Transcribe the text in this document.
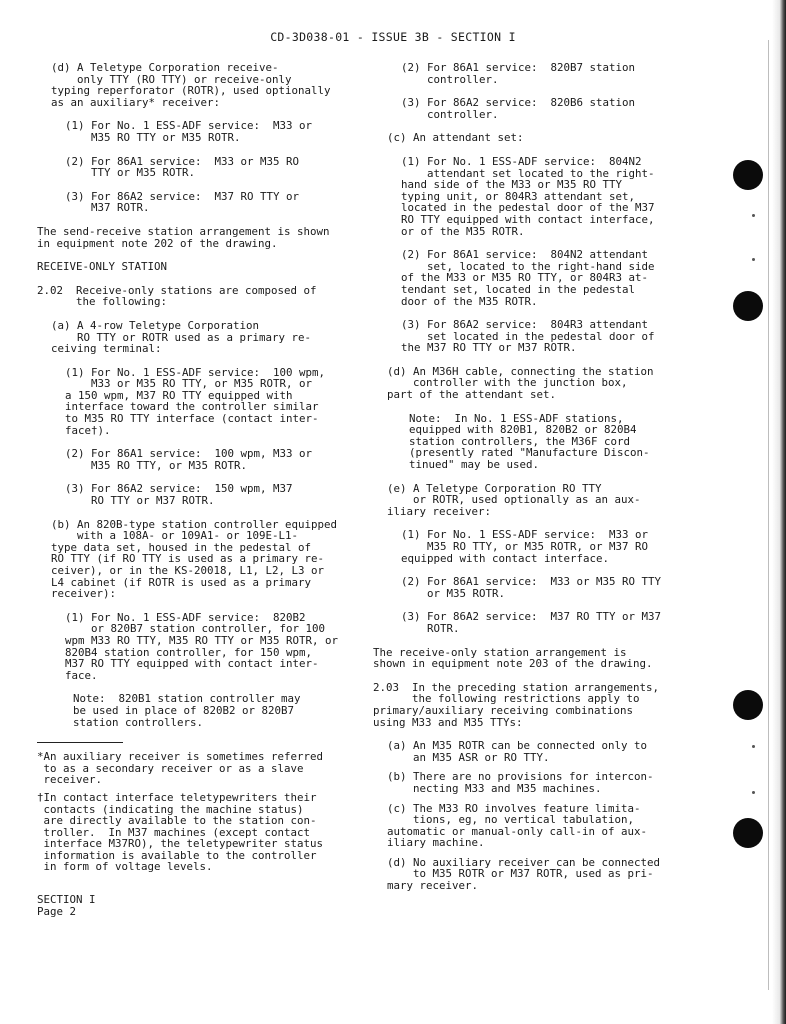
CD-3D038-01 - ISSUE 3B - SECTION I
(d) A Teletype Corporation receive-
only TTY (RO TTY) or receive-only
typing reperforator (ROTR), used optionally
as an auxiliary* receiver:
(1) For No. 1 ESS-ADF service:  M33 or
M35 RO TTY or M35 ROTR.
(2) For 86A1 service:  M33 or M35 RO
TTY or M35 ROTR.
(3) For 86A2 service:  M37 RO TTY or
M37 ROTR.
The send-receive station arrangement is shown
in equipment note 202 of the drawing.
RECEIVE-ONLY STATION
2.02  Receive-only stations are composed of
the following:
(a) A 4-row Teletype Corporation
RO TTY or ROTR used as a primary re-
ceiving terminal:
(1) For No. 1 ESS-ADF service:  100 wpm,
M33 or M35 RO TTY, or M35 ROTR, or
a 150 wpm, M37 RO TTY equipped with
interface toward the controller similar
to M35 RO TTY interface (contact inter-
face†).
(2) For 86A1 service:  100 wpm, M33 or
M35 RO TTY, or M35 ROTR.
(3) For 86A2 service:  150 wpm, M37
RO TTY or M37 ROTR.
(b) An 820B-type station controller equipped
with a 108A- or 109A1- or 109E-L1-
type data set, housed in the pedestal of
RO TTY (if RO TTY is used as a primary re-
ceiver), or in the KS-20018, L1, L2, L3 or
L4 cabinet (if ROTR is used as a primary
receiver):
(1) For No. 1 ESS-ADF service:  820B2
or 820B7 station controller, for 100
wpm M33 RO TTY, M35 RO TTY or M35 ROTR, or
820B4 station controller, for 150 wpm,
M37 RO TTY equipped with contact inter-
face.
Note:  820B1 station controller may
be used in place of 820B2 or 820B7
station controllers.
*An auxiliary receiver is sometimes referred
to as a secondary receiver or as a slave
receiver.
†In contact interface teletypewriters their
contacts (indicating the machine status)
are directly available to the station con-
troller.  In M37 machines (except contact
interface M37RO), the teletypewriter status
information is available to the controller
in form of voltage levels.
(2) For 86A1 service:  820B7 station
controller.
(3) For 86A2 service:  820B6 station
controller.
(c) An attendant set:
(1) For No. 1 ESS-ADF service:  804N2
attendant set located to the right-
hand side of the M33 or M35 RO TTY
typing unit, or 804R3 attendant set,
located in the pedestal door of the M37
RO TTY equipped with contact interface,
or of the M35 ROTR.
(2) For 86A1 service:  804N2 attendant
set, located to the right-hand side
of the M33 or M35 RO TTY, or 804R3 at-
tendant set, located in the pedestal
door of the M35 ROTR.
(3) For 86A2 service:  804R3 attendant
set located in the pedestal door of
the M37 RO TTY or M37 ROTR.
(d) An M36H cable, connecting the station
controller with the junction box,
part of the attendant set.
Note:  In No. 1 ESS-ADF stations,
equipped with 820B1, 820B2 or 820B4
station controllers, the M36F cord
(presently rated "Manufacture Discon-
tinued" may be used.
(e) A Teletype Corporation RO TTY
or ROTR, used optionally as an aux-
iliary receiver:
(1) For No. 1 ESS-ADF service:  M33 or
M35 RO TTY, or M35 ROTR, or M37 RO
equipped with contact interface.
(2) For 86A1 service:  M33 or M35 RO TTY
or M35 ROTR.
(3) For 86A2 service:  M37 RO TTY or M37
ROTR.
The receive-only station arrangement is
shown in equipment note 203 of the drawing.
2.03  In the preceding station arrangements,
the following restrictions apply to
primary/auxiliary receiving combinations
using M33 and M35 TTYs:
(a) An M35 ROTR can be connected only to
an M35 ASR or RO TTY.
(b) There are no provisions for intercon-
necting M33 and M35 machines.
(c) The M33 RO involves feature limita-
tions, eg, no vertical tabulation,
automatic or manual-only call-in of aux-
iliary machine.
(d) No auxiliary receiver can be connected
to M35 ROTR or M37 ROTR, used as pri-
mary receiver.
SECTION I
Page 2
